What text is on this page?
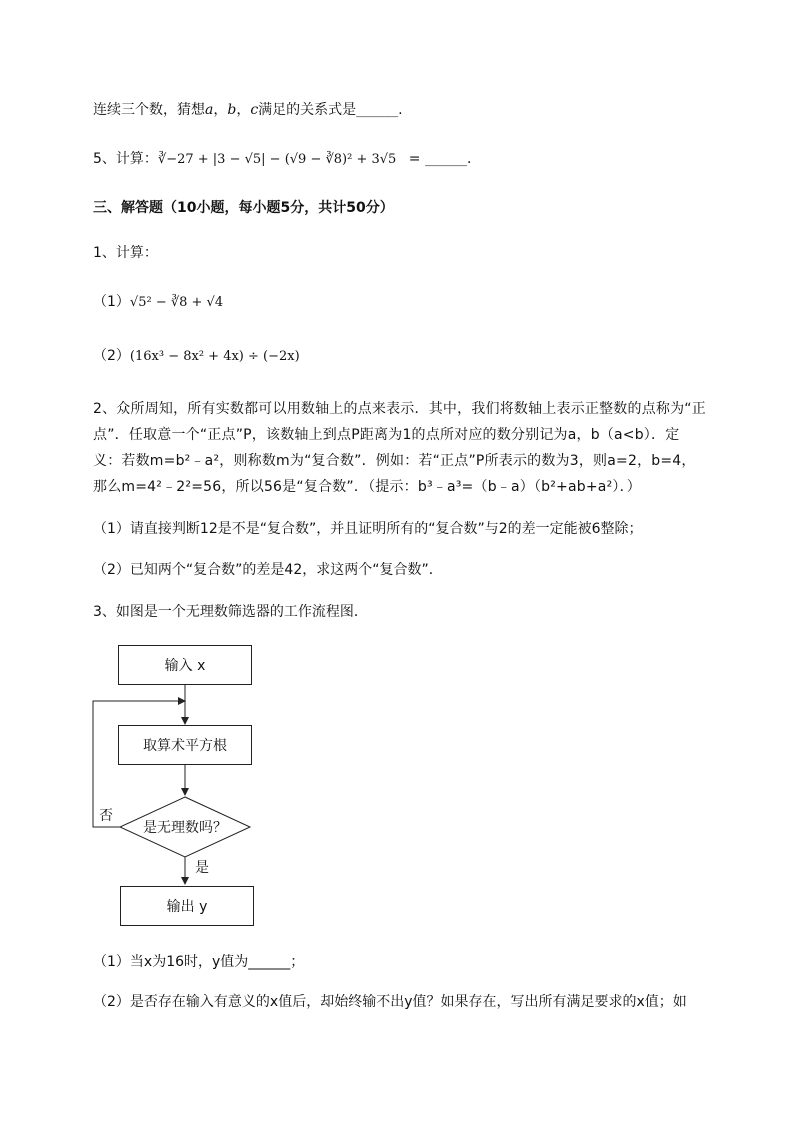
连续三个数，猜想a，b，c满足的关系式是______.
5、计算：∛−27 + |3 − √5| − (√9 − ∛8)² + 3√5 = ______.
三、解答题（10小题，每小题5分，共计50分）
1、计算：
（1）√5² − ∛8 + √4
（2）(16x³ − 8x² + 4x) ÷ (−2x)
2、众所周知，所有实数都可以用数轴上的点来表示．其中，我们将数轴上表示正整数的点称为“正
点”．任取意一个“正点”P，该数轴上到点P距离为1的点所对应的数分别记为a，b（a<b）．定
义：若数m=b²﹣a²，则称数m为“复合数”．例如：若“正点”P所表示的数为3，则a=2，b=4，
那么m=4²﹣2²=56，所以56是“复合数”．（提示：b³﹣a³=（b﹣a）（b²+ab+a²）．）
（1）请直接判断12是不是“复合数”，并且证明所有的“复合数”与2的差一定能被6整除；
（2）已知两个“复合数”的差是42，求这两个“复合数”．
3、如图是一个无理数筛选器的工作流程图．
输入 x
取算术平方根
是无理数吗？
否
是
输出 y
（1）当x为16时，y值为______；
（2）是否存在输入有意义的x值后，却始终输不出y值？如果存在，写出所有满足要求的x值；如
